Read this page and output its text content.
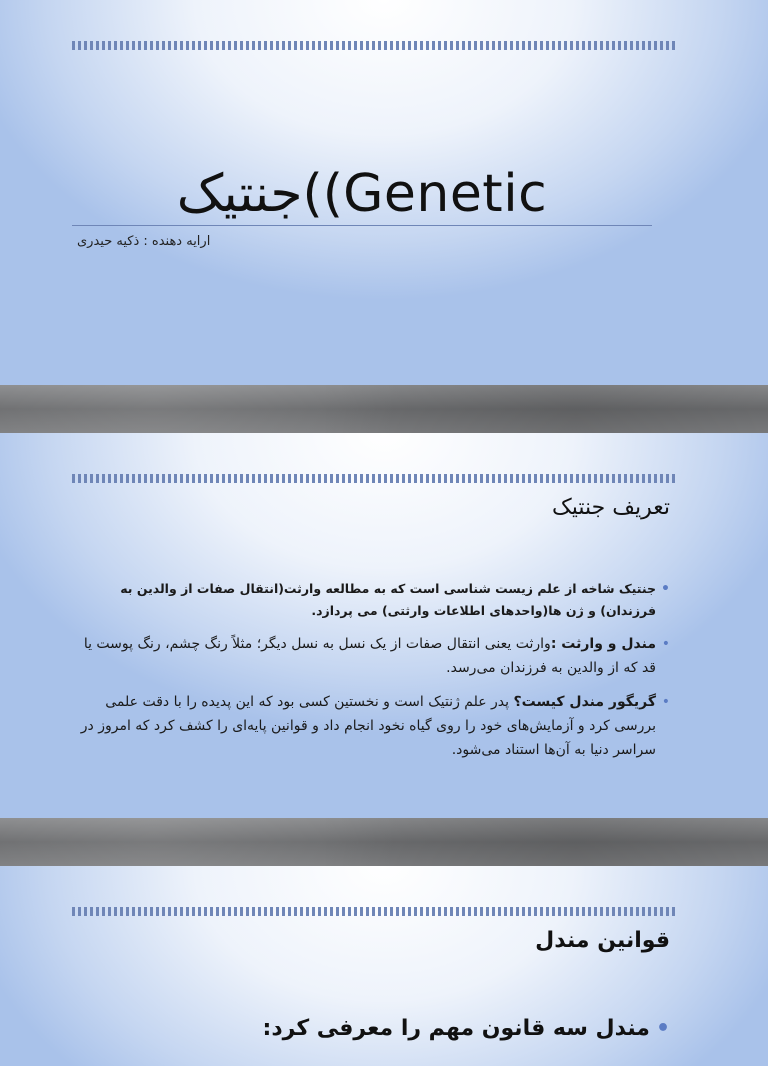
جنتیک((Genetic
ارایه دهنده : ذکیه حیدری
تعریف جنتیک
•
جنتیک شاخه از علم زیست شناسی است که به مطالعه وارثت(انتقال صفات از والدین به فرزندان) و ژن ها(واحدهای اطلاعات وارثتی) می پردازد.
•
مندل و وارثت :وارثت یعنی انتقال صفات از یک نسل به نسل دیگر؛ مثلاً رنگ چشم، رنگ پوست یا قد که از والدین به فرزندان می‌رسد.
•
گریگور مندل کیست؟ پدر علم ژنتیک است و نخستین کسی بود که این پدیده را با دقت علمی بررسی کرد و آزمایش‌های خود را روی گیاه نخود انجام داد و قوانین پایه‌ای را کشف کرد که امروز در سراسر دنیا به آن‌ها استناد می‌شود.
قوانین مندل
•مندل سه قانون مهم را معرفی کرد:
